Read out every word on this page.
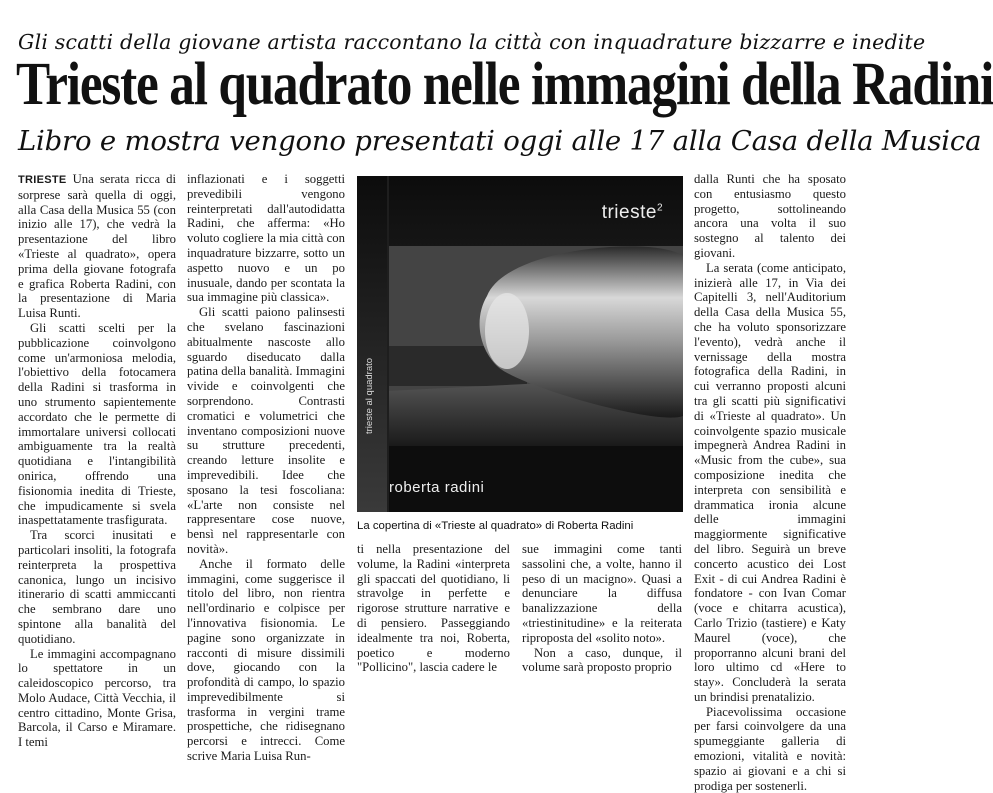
Gli scatti della giovane artista raccontano la città con inquadrature bizzarre e inedite
Trieste al quadrato nelle immagini della Radini
Libro e mostra vengono presentati oggi alle 17 alla Casa della Musica

TRIESTE Una serata ricca di sorprese sarà quella di oggi, alla Casa della Musica 55 (con inizio alle 17), che vedrà la presentazione del libro «Trieste al quadrato», opera prima della giovane fotografa e grafica Roberta Radini, con la presentazione di Maria Luisa Runti.

Gli scatti scelti per la pubblicazione coinvolgono come un'armoniosa melodia, l'obiettivo della fotocamera della Radini si trasforma in uno strumento sapientemente accordato che le permette di immortalare universi collocati ambiguamente tra la realtà quotidiana e l'intangibilità onirica, offrendo una fisionomia inedita di Trieste, che impudicamente si svela inaspettatamente trasfigurata.

Tra scorci inusitati e particolari insoliti, la fotografa reinterpreta la prospettiva canonica, lungo un incisivo itinerario di scatti ammiccanti che sembrano dare uno spintone alla banalità del quotidiano.

Le immagini accompagnano lo spettatore in un caleidoscopico percorso, tra Molo Audace, Città Vecchia, il centro cittadino, Monte Grisa, Barcola, il Carso e Miramare. I temi

inflazionati e i soggetti prevedibili vengono reinterpretati dall'autodidatta Radini, che afferma: «Ho voluto cogliere la mia città con inquadrature bizzarre, sotto un aspetto nuovo e un po inusuale, dando per scontata la sua immagine più classica».

Gli scatti paiono palinsesti che svelano fascinazioni abitualmente nascoste allo sguardo diseducato dalla patina della banalità. Immagini vivide e coinvolgenti che sorprendono. Contrasti cromatici e volumetrici che inventano composizioni nuove su strutture precedenti, creando letture insolite e imprevedibili. Idee che sposano la tesi foscoliana: «L'arte non consiste nel rappresentare cose nuove, bensì nel rappresentarle con novità».

Anche il formato delle immagini, come suggerisce il titolo del libro, non rientra nell'ordinario e colpisce per l'innovativa fisionomia. Le pagine sono organizzate in racconti di misure dissimili dove, giocando con la profondità di campo, lo spazio imprevedibilmente si trasforma in vergini trame prospettiche, che ridisegnano percorsi e intrecci. Come scrive Maria Luisa Run-

trieste$^2$
trieste al quadrato
roberta radini
La copertina di «Trieste al quadrato» di Roberta Radini

ti nella presentazione del volume, la Radini «interpreta gli spaccati del quotidiano, li stravolge in perfette e rigorose strutture narrative e di pensiero. Passeggiando idealmente tra noi, Roberta, poetico e moderno "Pollicino", lascia cadere le

sue immagini come tanti sassolini che, a volte, hanno il peso di un macigno». Quasi a denunciare la diffusa banalizzazione della «triestinitudine» e la reiterata riproposta del «solito noto».

Non a caso, dunque, il volume sarà proposto proprio

dalla Runti che ha sposato con entusiasmo questo progetto, sottolineando ancora una volta il suo sostegno al talento dei giovani.

La serata (come anticipato, inizierà alle 17, in Via dei Capitelli 3, nell'Auditorium della Casa della Musica 55, che ha voluto sponsorizzare l'evento), vedrà anche il vernissage della mostra fotografica della Radini, in cui verranno proposti alcuni tra gli scatti più significativi di «Trieste al quadrato». Un coinvolgente spazio musicale impegnerà Andrea Radini in «Music from the cube», sua composizione inedita che interpreta con sensibilità e drammatica ironia alcune delle immagini maggiormente significative del libro. Seguirà un breve concerto acustico dei Lost Exit - di cui Andrea Radini è fondatore - con Ivan Comar (voce e chitarra acustica), Carlo Trizio (tastiere) e Katy Maurel (voce), che proporranno alcuni brani del loro ultimo cd «Here to stay». Concluderà la serata un brindisi prenatalizio.

Piacevolissima occasione per farsi coinvolgere da una spumeggiante galleria di emozioni, vitalità e novità: spazio ai giovani e a chi si prodiga per sostenerli.
